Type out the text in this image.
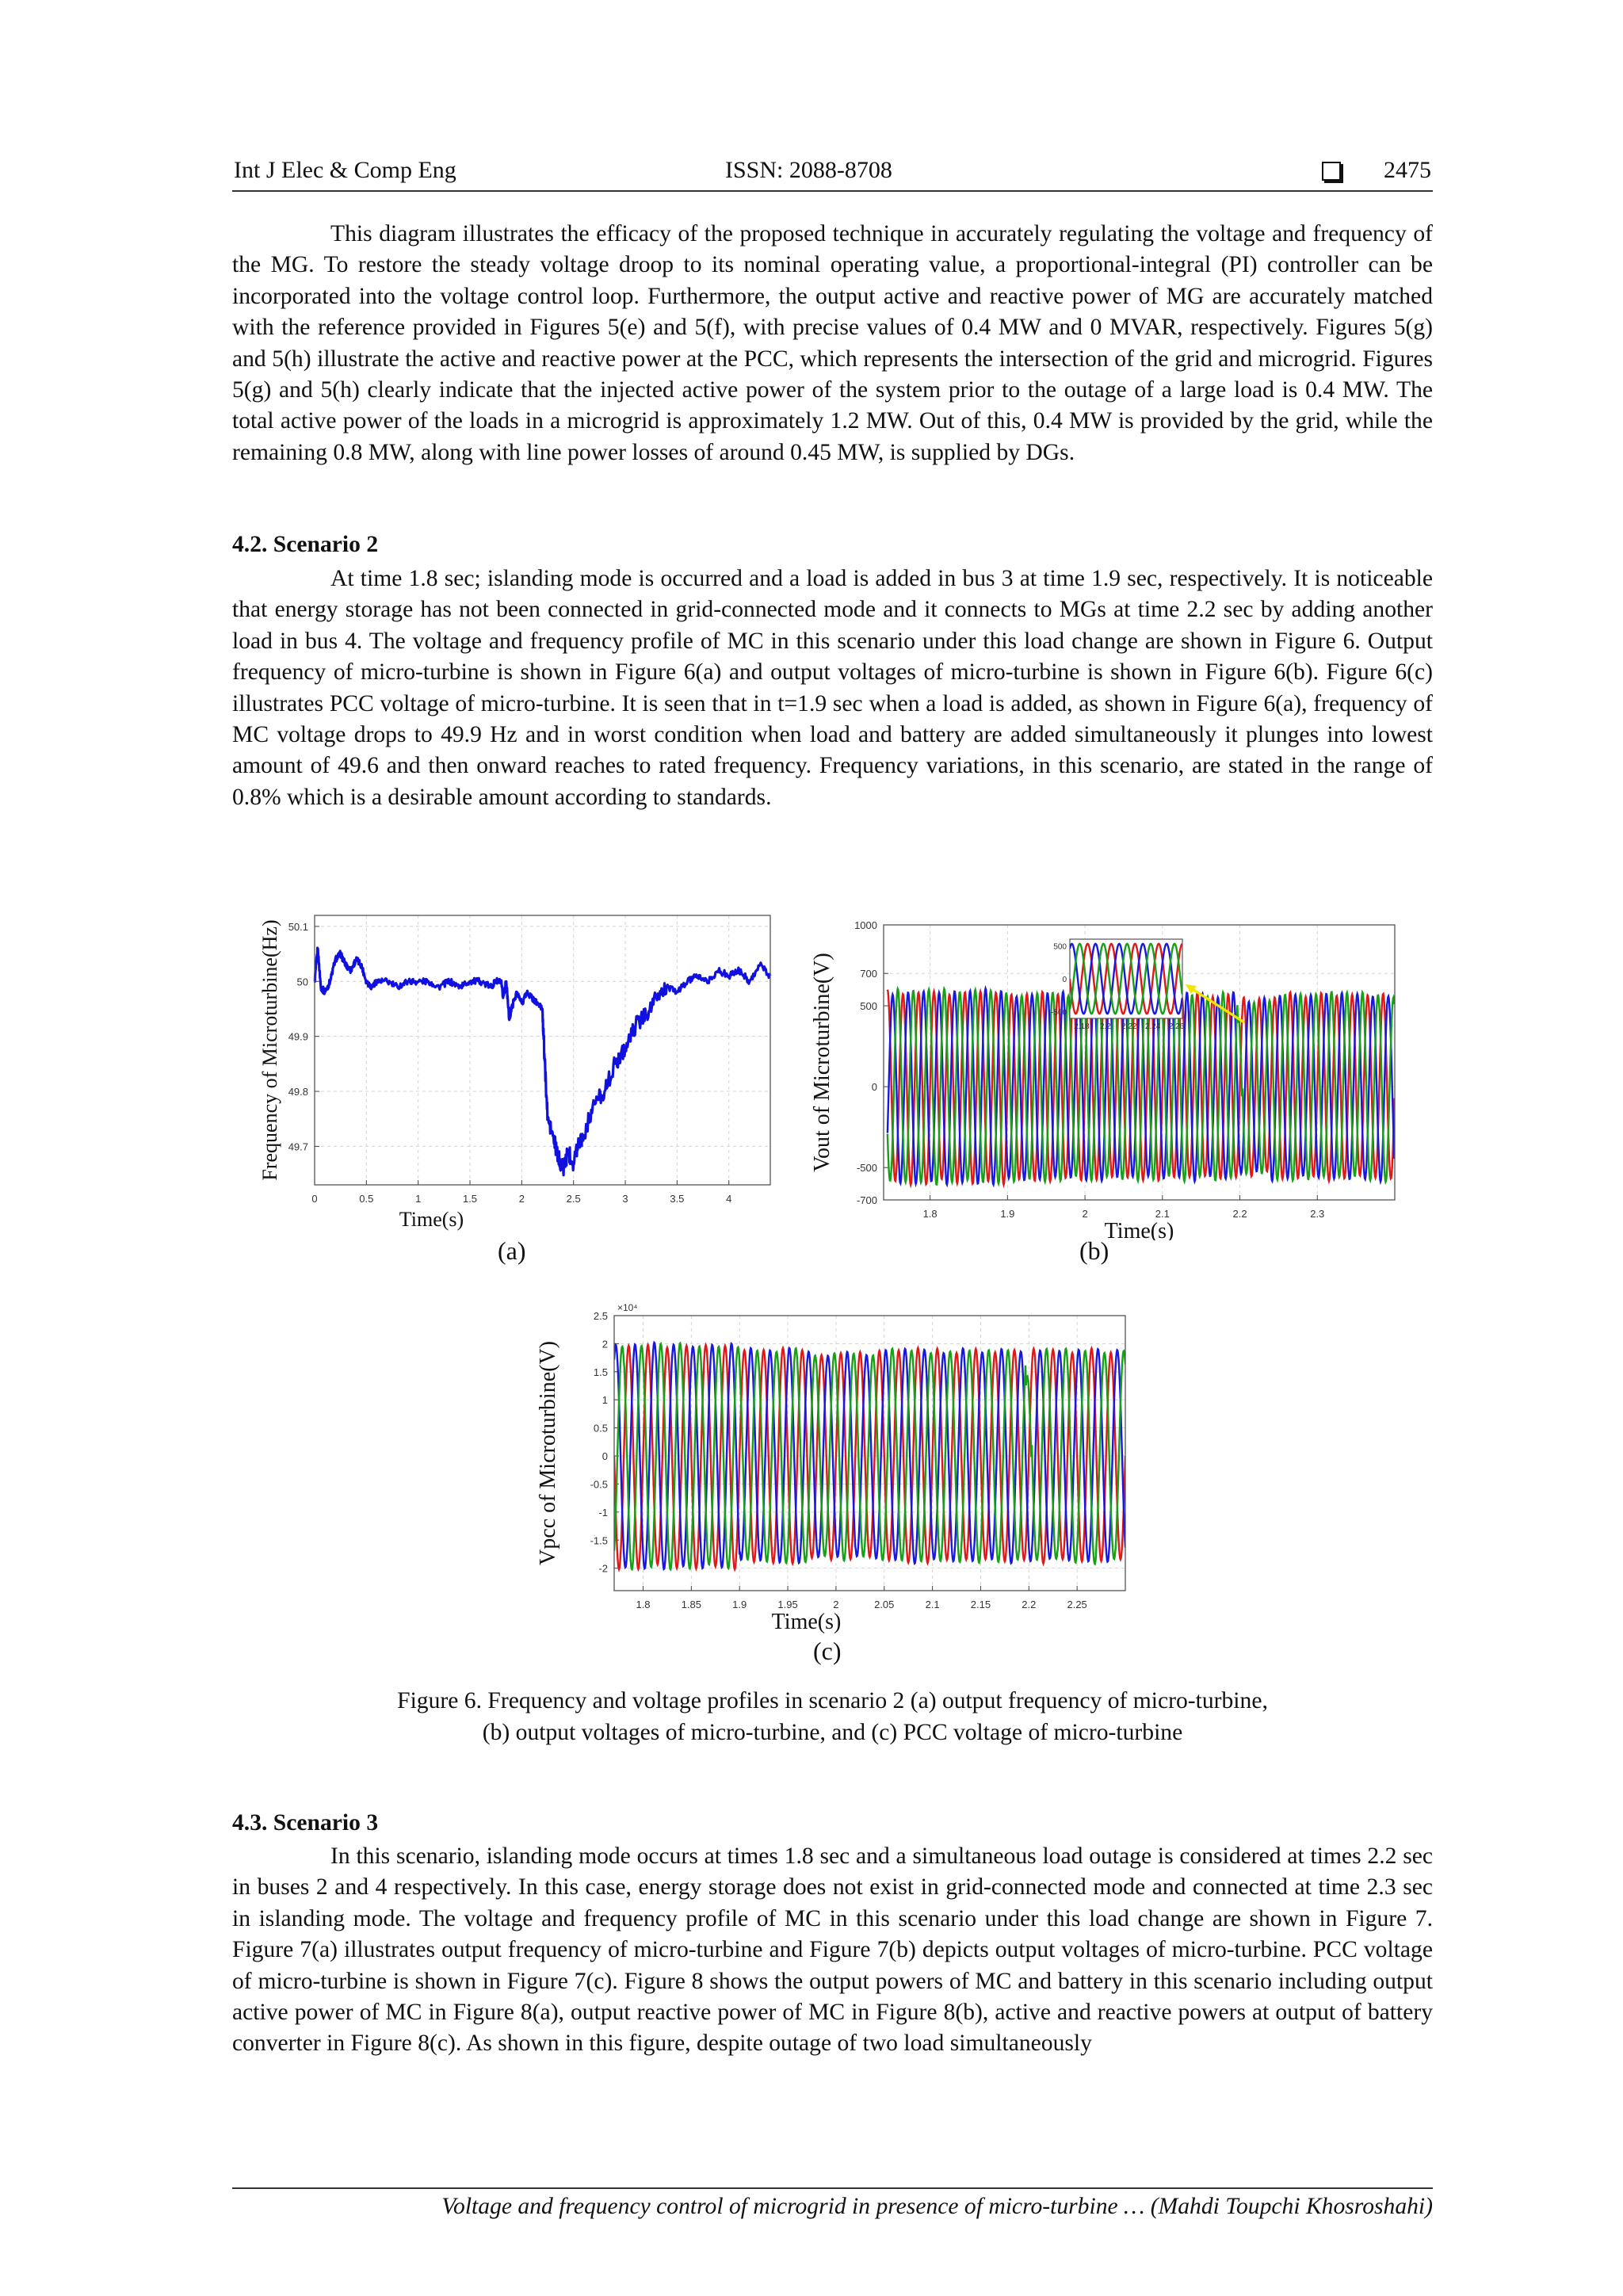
Int J Elec & Comp Eng	ISSN: 2088-8708	2475

This diagram illustrates the efficacy of the proposed technique in accurately regulating the voltage and frequency of the MG. To restore the steady voltage droop to its nominal operating value, a proportional-integral (PI) controller can be incorporated into the voltage control loop. Furthermore, the output active and reactive power of MG are accurately matched with the reference provided in Figures 5(e) and 5(f), with precise values of 0.4 MW and 0 MVAR, respectively. Figures 5(g) and 5(h) illustrate the active and reactive power at the PCC, which represents the intersection of the grid and microgrid. Figures 5(g) and 5(h) clearly indicate that the injected active power of the system prior to the outage of a large load is 0.4 MW. The total active power of the loads in a microgrid is approximately 1.2 MW. Out of this, 0.4 MW is provided by the grid, while the remaining 0.8 MW, along with line power losses of around 0.45 MW, is supplied by DGs.

4.2. Scenario 2

At time 1.8 sec; islanding mode is occurred and a load is added in bus 3 at time 1.9 sec, respectively. It is noticeable that energy storage has not been connected in grid-connected mode and it connects to MGs at time 2.2 sec by adding another load in bus 4. The voltage and frequency profile of MC in this scenario under this load change are shown in Figure 6. Output frequency of micro-turbine is shown in Figure 6(a) and output voltages of micro-turbine is shown in Figure 6(b). Figure 6(c) illustrates PCC voltage of micro-turbine. It is seen that in t=1.9 sec when a load is added, as shown in Figure 6(a), frequency of MC voltage drops to 49.9 Hz and in worst condition when load and battery are added simultaneously it plunges into lowest amount of 49.6 and then onward reaches to rated frequency. Frequency variations, in this scenario, are stated in the range of 0.8% which is a desirable amount according to standards.

0	0.5	1	1.5	2	2.5	3	3.5	4
49.7
49.8
49.9
50
50.1
Time(s)
Frequency of Microturbine(Hz)
(a)
1.8	1.9	2	2.1	2.2	2.3
-700
-500
0
500
700
1000
-500
0
500
2.18 2.2 2.22 2.24 2.26
Time(s)
Vout of Microturbine(V)
(b)
1.8	1.85	1.9	1.95	2	2.05	2.1	2.15	2.2	2.25
-2
-1.5
-1
-0.5
0
0.5
1
1.5
2
2.5
×10⁴
Time(s)
Vpcc of Microturbine(V)
(c)

Figure 6. Frequency and voltage profiles in scenario 2 (a) output frequency of micro-turbine,
(b) output voltages of micro-turbine, and (c) PCC voltage of micro-turbine

4.3. Scenario 3

In this scenario, islanding mode occurs at times 1.8 sec and a simultaneous load outage is considered at times 2.2 sec in buses 2 and 4 respectively. In this case, energy storage does not exist in grid-connected mode and connected at time 2.3 sec in islanding mode. The voltage and frequency profile of MC in this scenario under this load change are shown in Figure 7. Figure 7(a) illustrates output frequency of micro-turbine and Figure 7(b) depicts output voltages of micro-turbine. PCC voltage of micro-turbine is shown in Figure 7(c). Figure 8 shows the output powers of MC and battery in this scenario including output active power of MC in Figure 8(a), output reactive power of MC in Figure 8(b), active and reactive powers at output of battery converter in Figure 8(c). As shown in this figure, despite outage of two load simultaneously

Voltage and frequency control of microgrid in presence of micro-turbine … (Mahdi Toupchi Khosroshahi)
